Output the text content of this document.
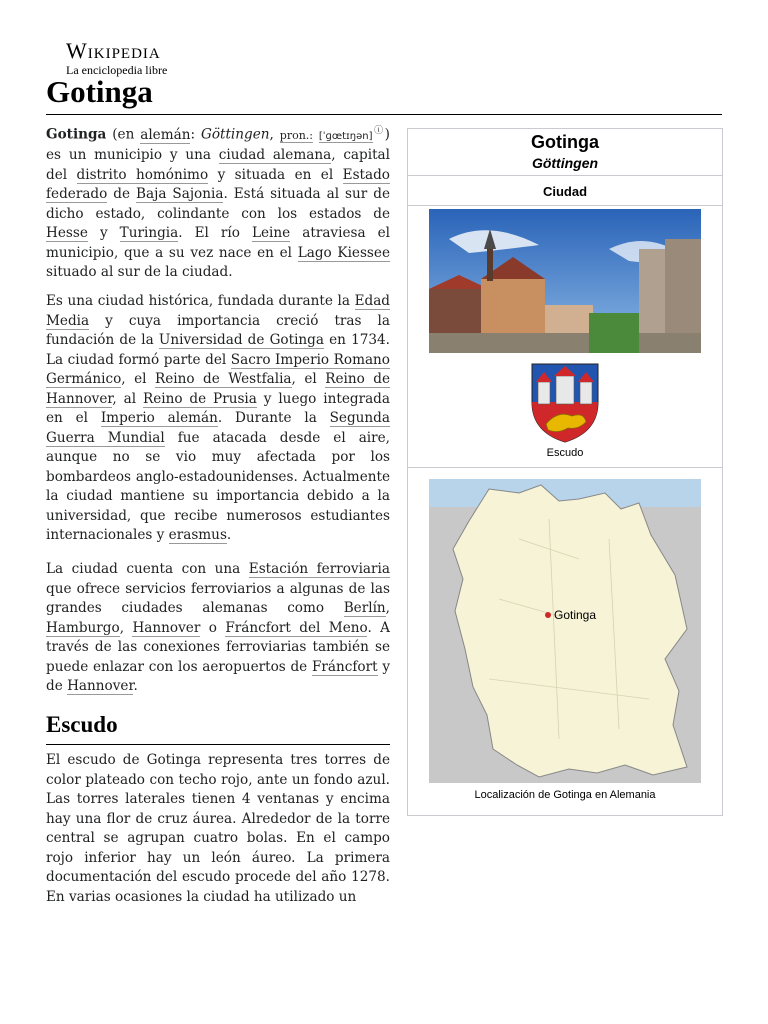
Wikipedia
La enciclopedia libre
Gotinga

Gotinga (en alemán: Göttingen, pron.: [ˈɡœtɪŋən]ⓘ) es un municipio y una ciudad alemana, capital del distrito homónimo y situada en el Estado federado de Baja Sajonia. Está situada al sur de dicho estado, colindante con los estados de Hesse y Turingia. El río Leine atraviesa el municipio, que a su vez nace en el Lago Kiessee situado al sur de la ciudad.

Es una ciudad histórica, fundada durante la Edad Media y cuya importancia creció tras la fundación de la Universidad de Gotinga en 1734. La ciudad formó parte del Sacro Imperio Romano Germánico, el Reino de Westfalia, el Reino de Hannover, al Reino de Prusia y luego integrada en el Imperio alemán. Durante la Segunda Guerra Mundial fue atacada desde el aire, aunque no se vio muy afectada por los bombardeos anglo-estadounidenses. Actualmente la ciudad mantiene su importancia debido a la universidad, que recibe numerosos estudiantes internacionales y erasmus.

La ciudad cuenta con una Estación ferroviaria que ofrece servicios ferroviarios a algunas de las grandes ciudades alemanas como Berlín, Hamburgo, Hannover o Fráncfort del Meno. A través de las conexiones ferroviarias también se puede enlazar con los aeropuertos de Fráncfort y de Hannover.

Escudo

El escudo de Gotinga representa tres torres de color plateado con techo rojo, ante un fondo azul. Las torres laterales tienen 4 ventanas y encima hay una flor de cruz áurea. Alrededor de la torre central se agrupan cuatro bolas. En el campo rojo inferior hay un león áureo. La primera documentación del escudo procede del año 1278. En varias ocasiones la ciudad ha utilizado un

Gotinga
Göttingen
Ciudad
Escudo
Gotinga
Localización de Gotinga en Alemania
